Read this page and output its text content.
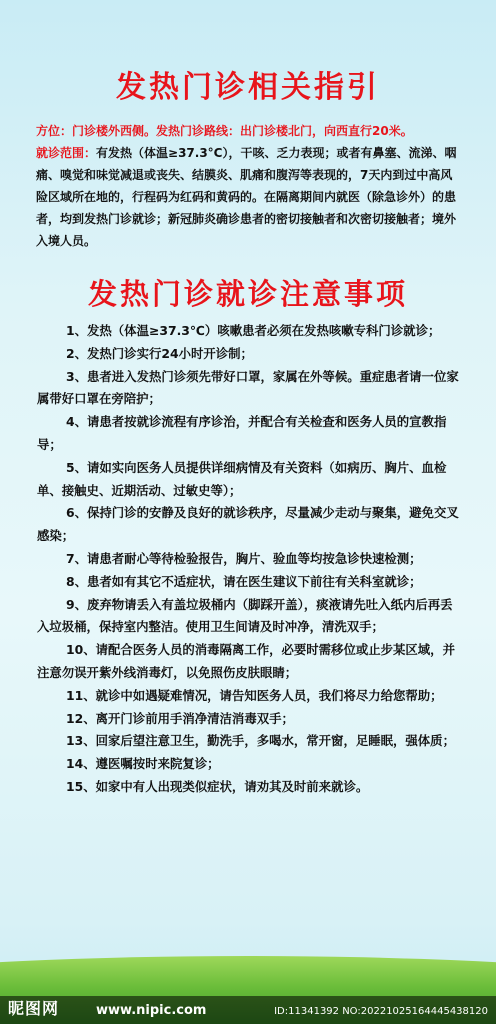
发热门诊相关指引
方位：门诊楼外西侧。发热门诊路线：出门诊楼北门，向西直行20米。
就诊范围：有发热（体温≥37.3°C），干咳、乏力表现；或者有鼻塞、流涕、咽痛、嗅觉和味觉减退或丧失、结膜炎、肌痛和腹泻等表现的，7天内到过中高风险区域所在地的，行程码为红码和黄码的。在隔离期间内就医（除急诊外）的患者，均到发热门诊就诊；新冠肺炎确诊患者的密切接触者和次密切接触者；境外入境人员。
发热门诊就诊注意事项

1、发热（体温≥37.3℃）咳嗽患者必须在发热咳嗽专科门诊就诊；

2、发热门诊实行24小时开诊制；

3、患者进入发热门诊须先带好口罩，家属在外等候。重症患者请一位家属带好口罩在旁陪护；

4、请患者按就诊流程有序诊治，并配合有关检查和医务人员的宣教指导；

5、请如实向医务人员提供详细病情及有关资料（如病历、胸片、血检单、接触史、近期活动、过敏史等）；

6、保持门诊的安静及良好的就诊秩序，尽量减少走动与聚集，避免交叉感染；

7、请患者耐心等待检验报告，胸片、验血等均按急诊快速检测；

8、患者如有其它不适症状，请在医生建议下前往有关科室就诊；

9、废弃物请丢入有盖垃圾桶内（脚踩开盖），痰液请先吐入纸内后再丢入垃圾桶，保持室内整洁。使用卫生间请及时冲净，清洗双手；

10、请配合医务人员的消毒隔离工作，必要时需移位或止步某区域，并注意勿误开紫外线消毒灯，以免照伤皮肤眼睛；

11、就诊中如遇疑难情况，请告知医务人员，我们将尽力给您帮助；

12、离开门诊前用手消净清洁消毒双手；

13、回家后望注意卫生，勤洗手，多喝水，常开窗，足睡眠，强体质；

14、遵医嘱按时来院复诊；

15、如家中有人出现类似症状，请劝其及时前来就诊。

昵图网	www.nipic.com	ID:11341392 NO:20221025164445438120
